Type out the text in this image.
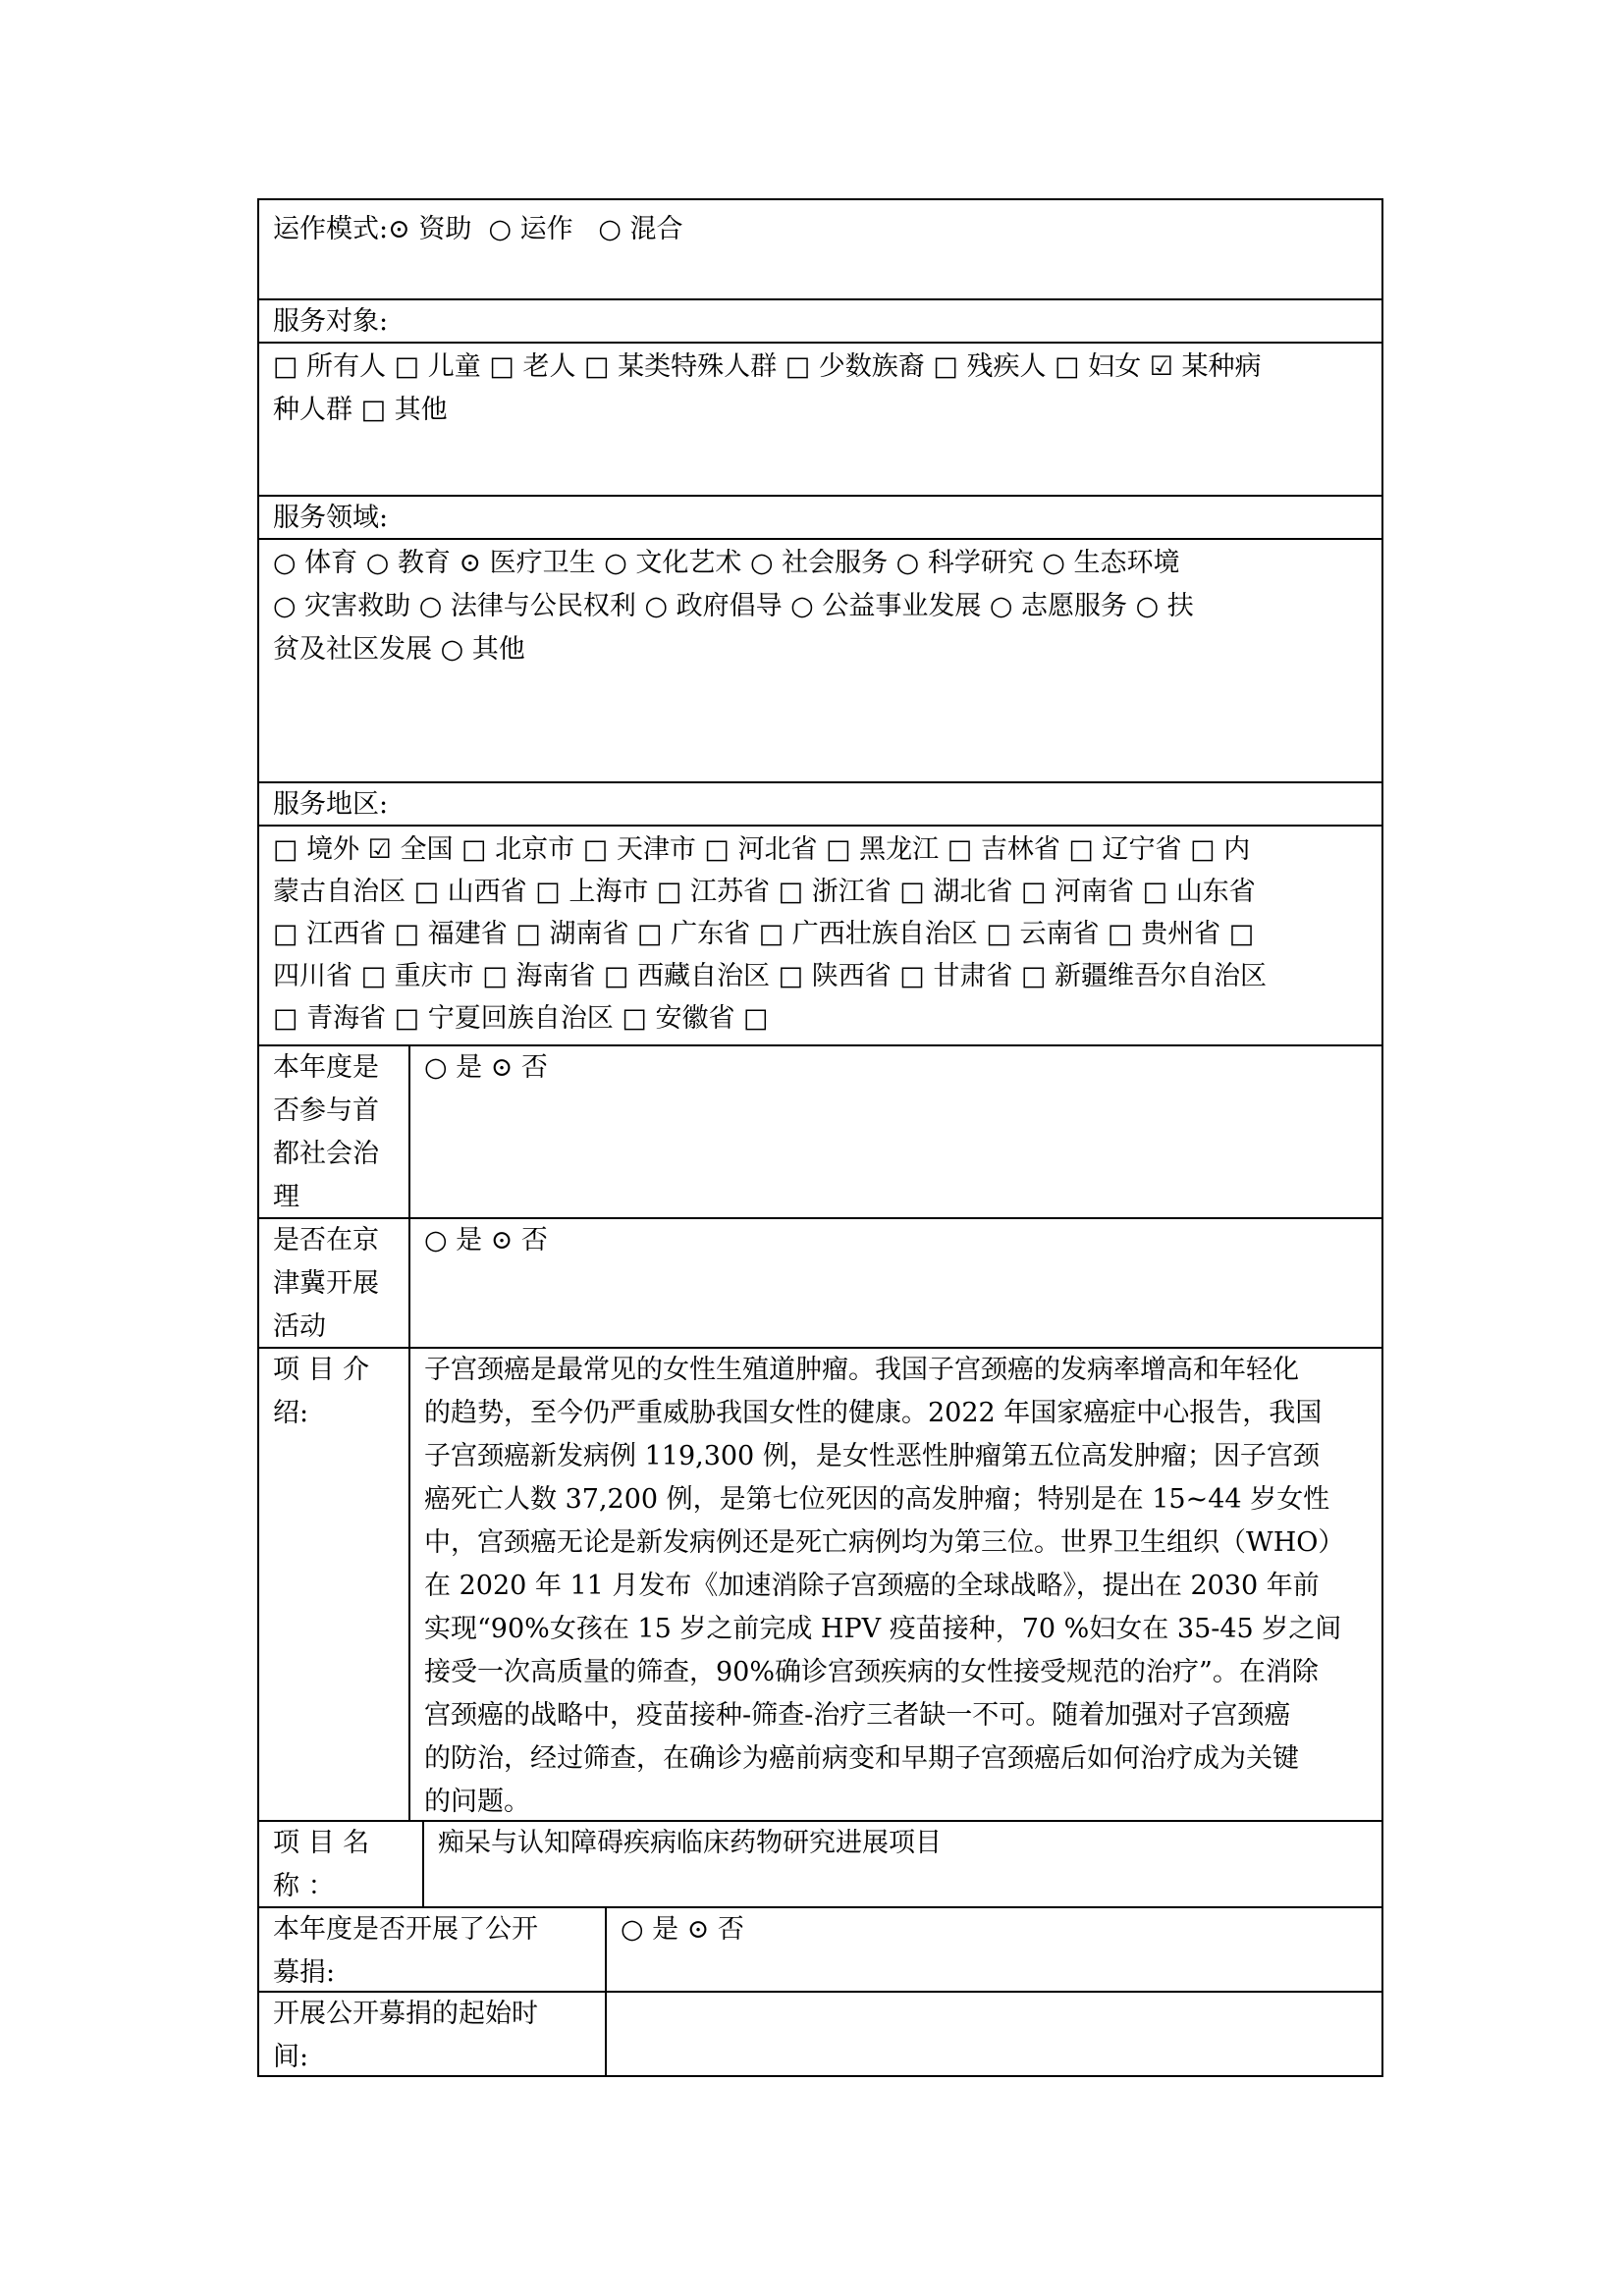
运作模式:⊙ 资助 ○ 运作 ○ 混合
服务对象:
□ 所有人 □ 儿童 □ 老人 □ 某类特殊人群 □ 少数族裔 □ 残疾人 □ 妇女 ☑ 某种病
种人群 □ 其他
服务领域:
○ 体育 ○ 教育 ⊙ 医疗卫生 ○ 文化艺术 ○ 社会服务 ○ 科学研究 ○ 生态环境
○ 灾害救助 ○ 法律与公民权利 ○ 政府倡导 ○ 公益事业发展 ○ 志愿服务 ○ 扶
贫及社区发展 ○ 其他
服务地区:
□ 境外 ☑ 全国 □ 北京市 □ 天津市 □ 河北省 □ 黑龙江 □ 吉林省 □ 辽宁省 □ 内
蒙古自治区 □ 山西省 □ 上海市 □ 江苏省 □ 浙江省 □ 湖北省 □ 河南省 □ 山东省
□ 江西省 □ 福建省 □ 湖南省 □ 广东省 □ 广西壮族自治区 □ 云南省 □ 贵州省 □
四川省 □ 重庆市 □ 海南省 □ 西藏自治区 □ 陕西省 □ 甘肃省 □ 新疆维吾尔自治区
□ 青海省 □ 宁夏回族自治区 □ 安徽省 □
本年度是
否参与首
都社会治
理
○ 是 ⊙ 否
是否在京
津冀开展
活动
○ 是 ⊙ 否
项 目 介
绍:
子宫颈癌是最常见的女性生殖道肿瘤。我国子宫颈癌的发病率增高和年轻化
的趋势，至今仍严重威胁我国女性的健康。2022 年国家癌症中心报告，我国
子宫颈癌新发病例 119,300 例，是女性恶性肿瘤第五位高发肿瘤；因子宫颈
癌死亡人数 37,200 例，是第七位死因的高发肿瘤；特别是在 15~44 岁女性
中，宫颈癌无论是新发病例还是死亡病例均为第三位。世界卫生组织（WHO）
在 2020 年 11 月发布《加速消除子宫颈癌的全球战略》，提出在 2030 年前
实现“90%女孩在 15 岁之前完成 HPV 疫苗接种，70 %妇女在 35-45 岁之间
接受一次高质量的筛查，90%确诊宫颈疾病的女性接受规范的治疗”。在消除
宫颈癌的战略中，疫苗接种-筛查-治疗三者缺一不可。随着加强对子宫颈癌
的防治，经过筛查，在确诊为癌前病变和早期子宫颈癌后如何治疗成为关键
的问题。
项 目 名
称 ：
痴呆与认知障碍疾病临床药物研究进展项目
本年度是否开展了公开
募捐:
○ 是 ⊙ 否
开展公开募捐的起始时
间:
